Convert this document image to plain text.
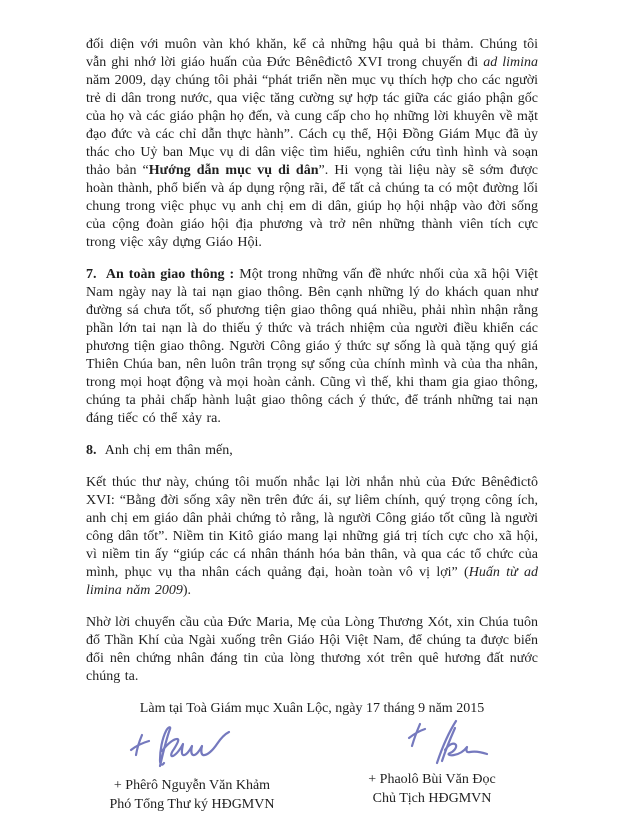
đối diện với muôn vàn khó khăn, kể cả những hậu quả bi thảm. Chúng tôi vẫn ghi nhớ lời giáo huấn của Đức Bênêđictô XVI trong chuyến đi ad limina năm 2009, dạy chúng tôi phải “phát triển nền mục vụ thích hợp cho các người trẻ di dân trong nước, qua việc tăng cường sự hợp tác giữa các giáo phận gốc của họ và các giáo phận họ đến, và cung cấp cho họ những lời khuyên về mặt đạo đức và các chỉ dẫn thực hành”. Cách cụ thể, Hội Đồng Giám Mục đã ủy thác cho Uỷ ban Mục vụ di dân việc tìm hiểu, nghiên cứu tình hình và soạn thảo bản “Hướng dẫn mục vụ di dân”. Hi vọng tài liệu này sẽ sớm được hoàn thành, phổ biến và áp dụng rộng rãi, để tất cả chúng ta có một đường lối chung trong việc phục vụ anh chị em di dân, giúp họ hội nhập vào đời sống của cộng đoàn giáo hội địa phương và trở nên những thành viên tích cực trong việc xây dựng Giáo Hội.

7.  An toàn giao thông : Một trong những vấn đề nhức nhối của xã hội Việt Nam ngày nay là tai nạn giao thông. Bên cạnh những lý do khách quan như đường sá chưa tốt, số phương tiện giao thông quá nhiều, phải nhìn nhận rằng phần lớn tai nạn là do thiếu ý thức và trách nhiệm của người điều khiển các phương tiện giao thông. Người Công giáo ý thức sự sống là quà tặng quý giá Thiên Chúa ban, nên luôn trân trọng sự sống của chính mình và của tha nhân, trong mọi hoạt động và mọi hoàn cảnh. Cũng vì thế, khi tham gia giao thông, chúng ta phải chấp hành luật giao thông cách ý thức, để tránh những tai nạn đáng tiếc có thể xảy ra.

8.  Anh chị em thân mến,

Kết thúc thư này, chúng tôi muốn nhắc lại lời nhắn nhủ của Đức Bênêđictô XVI: “Bằng đời sống xây nền trên đức ái, sự liêm chính, quý trọng công ích, anh chị em giáo dân phải chứng tỏ rằng, là người Công giáo tốt cũng là người công dân tốt”. Niềm tin Kitô giáo mang lại những giá trị tích cực cho xã hội, vì niềm tin ấy “giúp các cá nhân thánh hóa bản thân, và qua các tổ chức của mình, phục vụ tha nhân cách quảng đại, hoàn toàn vô vị lợi” (Huấn từ ad limina năm 2009).

Nhờ lời chuyển cầu của Đức Maria, Mẹ của Lòng Thương Xót, xin Chúa tuôn đổ Thần Khí của Ngài xuống trên Giáo Hội Việt Nam, để chúng ta được biến đổi nên chứng nhân đáng tin của lòng thương xót trên quê hương đất nước chúng ta.

Làm tại Toà Giám mục Xuân Lộc, ngày 17 tháng 9 năm 2015

+ Phêrô Nguyễn Văn Khảm
Phó Tổng Thư ký HĐGMVN
+ Phaolô Bùi Văn Đọc
Chủ Tịch HĐGMVN
